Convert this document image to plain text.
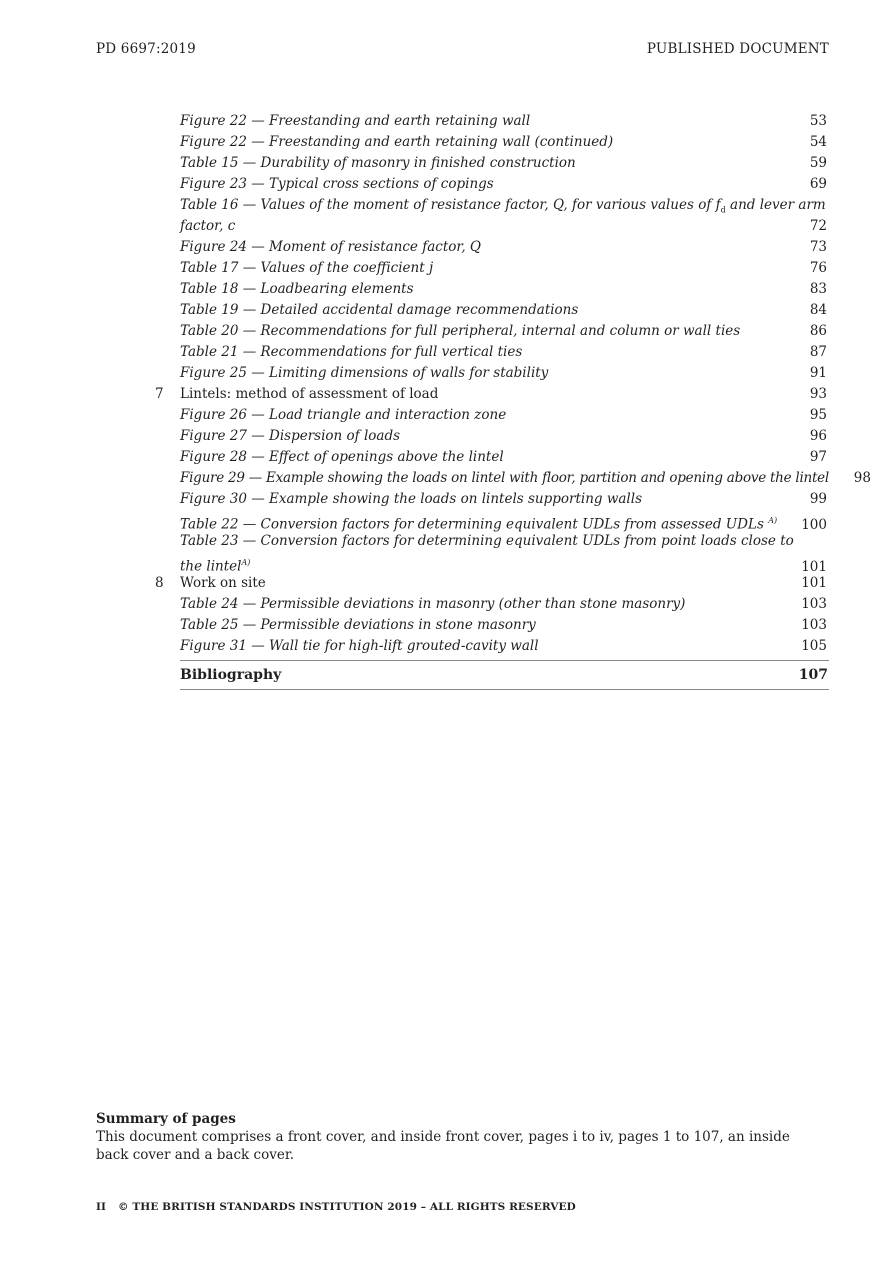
PD 6697:2019	PUBLISHED DOCUMENT
Figure 22 — Freestanding and earth retaining wall	53
Figure 22 — Freestanding and earth retaining wall (continued)	54
Table 15 — Durability of masonry in finished construction	59
Figure 23 — Typical cross sections of copings	69
Table 16 — Values of the moment of resistance factor, Q, for various values of $f_d$ and lever arm
factor, c	72
Figure 24 — Moment of resistance factor, Q	73
Table 17 — Values of the coefficient j	76
Table 18 — Loadbearing elements	83
Table 19 — Detailed accidental damage recommendations	84
Table 20 — Recommendations for full peripheral, internal and column or wall ties	86
Table 21 — Recommendations for full vertical ties	87
Figure 25 — Limiting dimensions of walls for stability	91
7	Lintels: method of assessment of load	93
Figure 26 — Load triangle and interaction zone	95
Figure 27 — Dispersion of loads	96
Figure 28 — Effect of openings above the lintel	97
Figure 29 — Example showing the loads on lintel with floor, partition and opening above the lintel	98
Figure 30 — Example showing the loads on lintels supporting walls	99
Table 22 — Conversion factors for determining equivalent UDLs from assessed UDLs $^{A)}$	100
Table 23 — Conversion factors for determining equivalent UDLs from point loads close to
the lintel$^{A)}$	101
8	Work on site	101
Table 24 — Permissible deviations in masonry (other than stone masonry)	103
Table 25 — Permissible deviations in stone masonry	103
Figure 31 — Wall tie for high-lift grouted-cavity wall	105
Bibliography	107
Summary of pages
This document comprises a front cover, and inside front cover, pages i to iv, pages 1 to 107, an inside back cover and a back cover.
II © THE BRITISH STANDARDS INSTITUTION 2019 – ALL RIGHTS RESERVED
